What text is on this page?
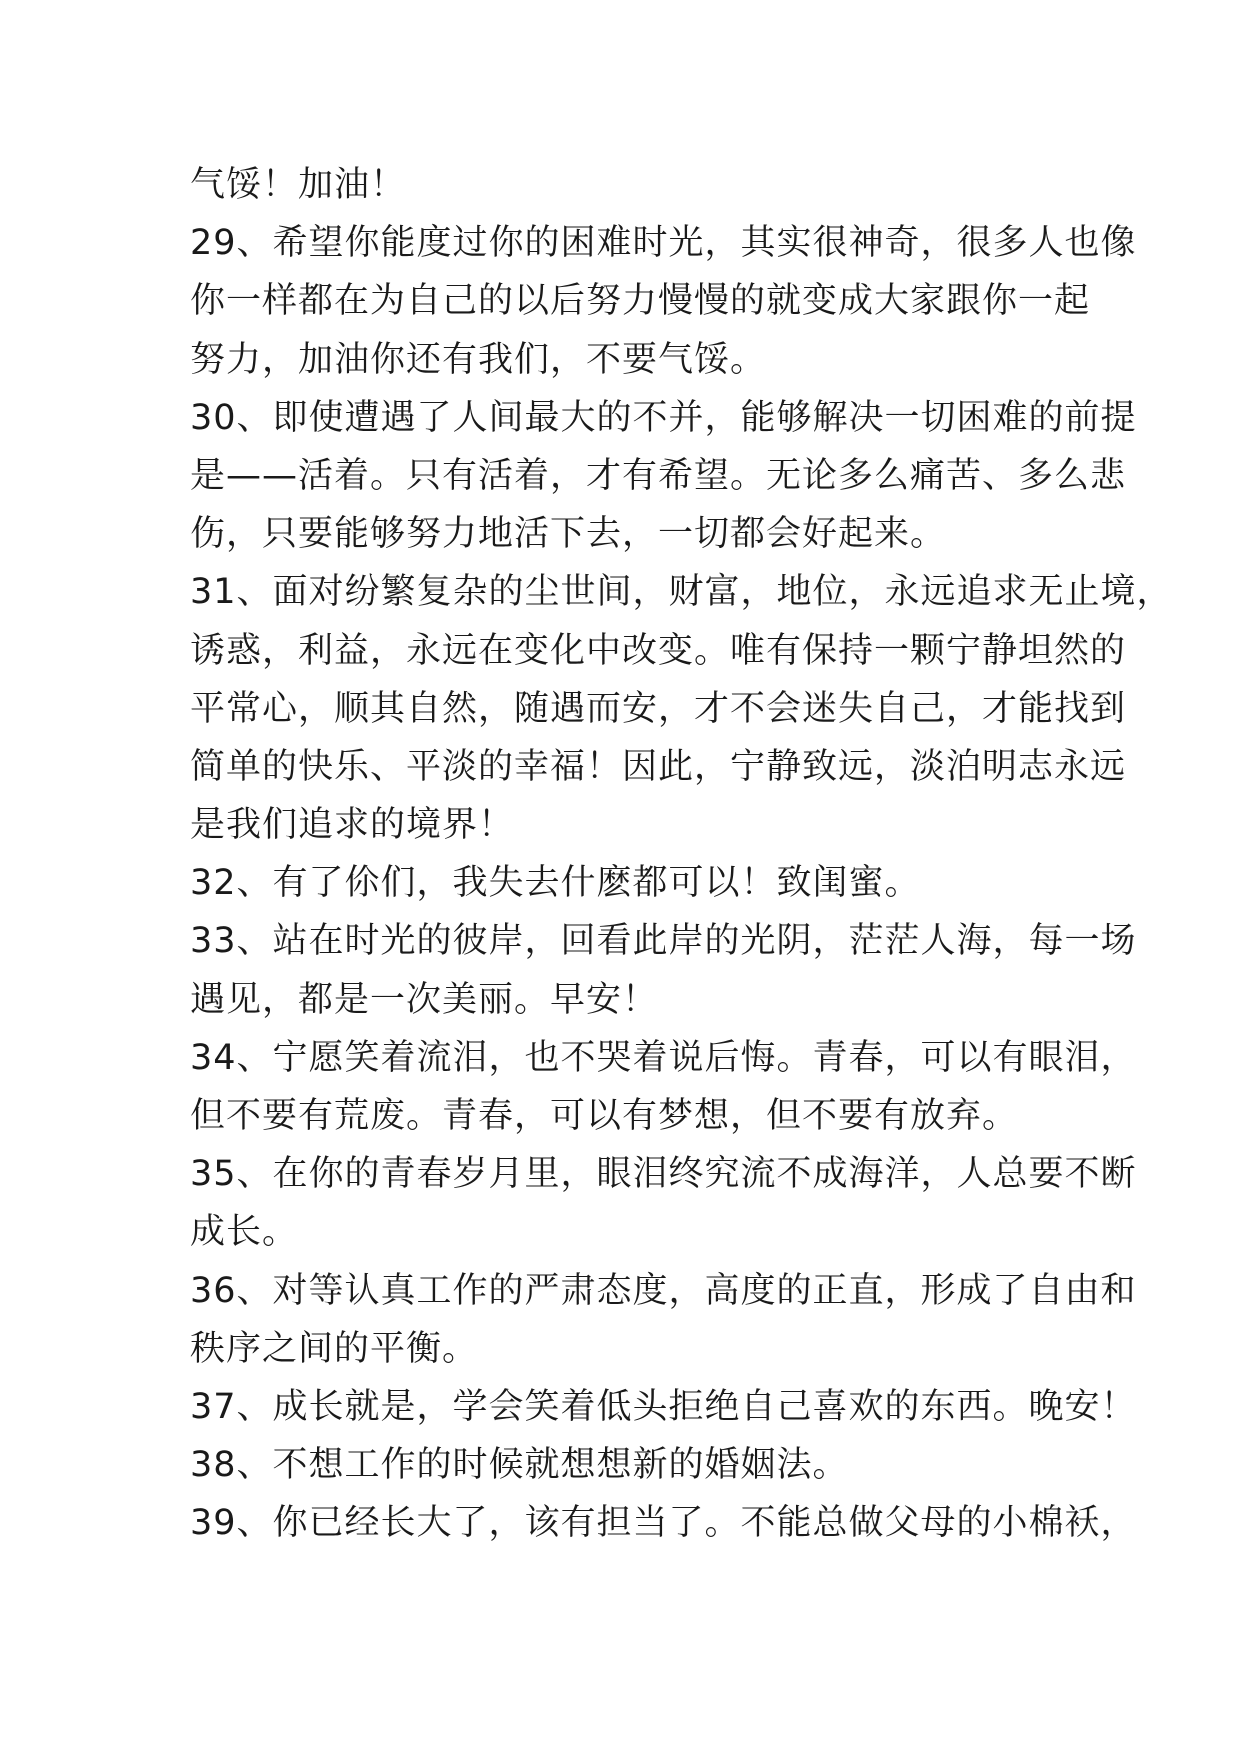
气馁！加油！
29、希望你能度过你的困难时光，其实很神奇，很多人也像
你一样都在为自己的以后努力慢慢的就变成大家跟你一起
努力，加油你还有我们，不要气馁。
30、即使遭遇了人间最大的不并，能够解决一切困难的前提
是——活着。只有活着，才有希望。无论多么痛苦、多么悲
伤，只要能够努力地活下去，一切都会好起来。
31、面对纷繁复杂的尘世间，财富，地位，永远追求无止境，
诱惑，利益，永远在变化中改变。唯有保持一颗宁静坦然的
平常心，顺其自然，随遇而安，才不会迷失自己，才能找到
简单的快乐、平淡的幸福！因此，宁静致远，淡泊明志永远
是我们追求的境界！
32、有了伱们，我失去什麽都可以！致闺蜜。
33、站在时光的彼岸，回看此岸的光阴，茫茫人海，每一场
遇见，都是一次美丽。早安！
34、宁愿笑着流泪，也不哭着说后悔。青春，可以有眼泪，
但不要有荒废。青春，可以有梦想，但不要有放弃。
35、在你的青春岁月里，眼泪终究流不成海洋，人总要不断
成长。
36、对等认真工作的严肃态度，高度的正直，形成了自由和
秩序之间的平衡。
37、成长就是，学会笑着低头拒绝自己喜欢的东西。晚安！
38、不想工作的时候就想想新的婚姻法。
39、你已经长大了，该有担当了。不能总做父母的小棉袄，
